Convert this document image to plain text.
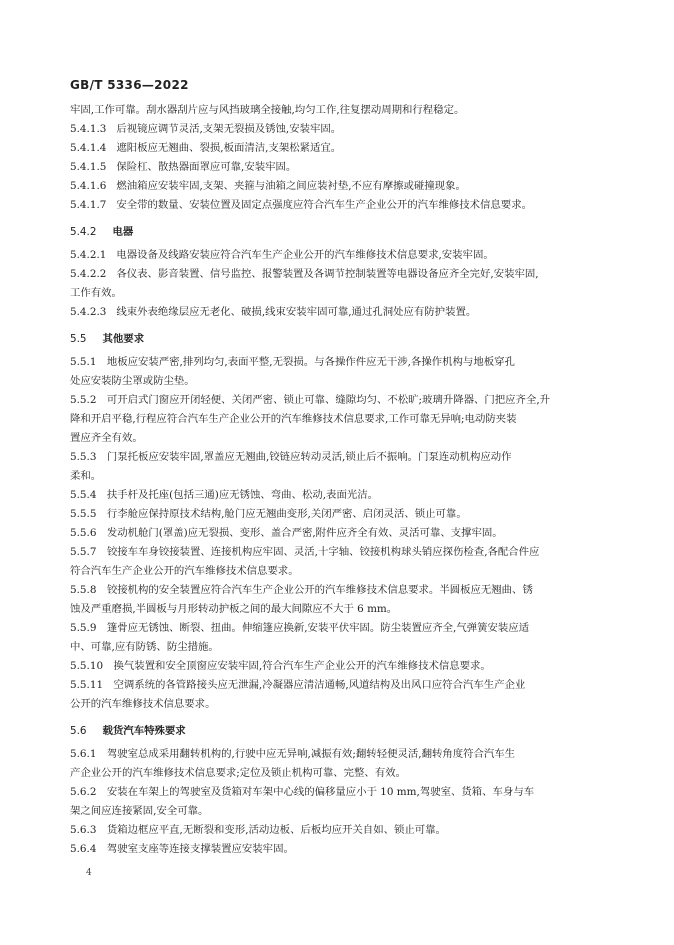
GB/T 5336—2022

牢固,工作可靠。刮水器刮片应与风挡玻璃全接触,均匀工作,往复摆动周期和行程稳定。

5.4.1.3 后视镜应调节灵活,支架无裂损及锈蚀,安装牢固。

5.4.1.4 遮阳板应无翘曲、裂损,板面清洁,支架松紧适宜。

5.4.1.5 保险杠、散热器面罩应可靠,安装牢固。

5.4.1.6 燃油箱应安装牢固,支架、夹箍与油箱之间应装衬垫,不应有摩擦或碰撞现象。

5.4.1.7 安全带的数量、安装位置及固定点强度应符合汽车生产企业公开的汽车维修技术信息要求。

5.4.2 电器

5.4.2.1 电器设备及线路安装应符合汽车生产企业公开的汽车维修技术信息要求,安装牢固。

5.4.2.2 各仪表、影音装置、信号监控、报警装置及各调节控制装置等电器设备应齐全完好,安装牢固,

工作有效。

5.4.2.3 线束外表绝缘层应无老化、破损,线束安装牢固可靠,通过孔洞处应有防护装置。

5.5 其他要求

5.5.1　地板应安装严密,排列均匀,表面平整,无裂损。与各操作件应无干涉,各操作机构与地板穿孔

处应安装防尘罩或防尘垫。

5.5.2　可开启式门窗应开闭轻便、关闭严密、锁止可靠、缝隙均匀、不松旷;玻璃升降器、门把应齐全,升

降和开启平稳,行程应符合汽车生产企业公开的汽车维修技术信息要求,工作可靠无异响;电动防夹装

置应齐全有效。

5.5.3　门泵托板应安装牢固,罩盖应无翘曲,铰链应转动灵活,锁止后不振响。门泵连动机构应动作

柔和。

5.5.4　扶手杆及托座(包括三通)应无锈蚀、弯曲、松动,表面光洁。

5.5.5　行李舱应保持原技术结构,舱门应无翘曲变形,关闭严密、启闭灵活、锁止可靠。

5.5.6　发动机舱门(罩盖)应无裂损、变形、盖合严密,附件应齐全有效、灵活可靠、支撑牢固。

5.5.7　铰接车车身铰接装置、连接机构应牢固、灵活,十字轴、铰接机构球头销应探伤检查,各配合件应

符合汽车生产企业公开的汽车维修技术信息要求。

5.5.8　铰接机构的安全装置应符合汽车生产企业公开的汽车维修技术信息要求。半圆板应无翘曲、锈

蚀及严重磨损,半圆板与月形转动护板之间的最大间隙应不大于 6 mm。

5.5.9　篷骨应无锈蚀、断裂、扭曲。伸缩篷应换新,安装平伏牢固。防尘装置应齐全,气弹簧安装应适

中、可靠,应有防锈、防尘措施。

5.5.10　换气装置和安全顶窗应安装牢固,符合汽车生产企业公开的汽车维修技术信息要求。

5.5.11　空调系统的各管路接头应无泄漏,冷凝器应清洁通畅,风道结构及出风口应符合汽车生产企业

公开的汽车维修技术信息要求。

5.6 载货汽车特殊要求

5.6.1　驾驶室总成采用翻转机构的,行驶中应无异响,减振有效;翻转轻便灵活,翻转角度符合汽车生

产企业公开的汽车维修技术信息要求;定位及锁止机构可靠、完整、有效。

5.6.2　安装在车架上的驾驶室及货箱对车架中心线的偏移量应小于 10 mm,驾驶室、货箱、车身与车

架之间应连接紧固,安全可靠。

5.6.3　货箱边框应平直,无断裂和变形,活动边板、后板均应开关自如、锁止可靠。

5.6.4　驾驶室支座等连接支撑装置应安装牢固。

4
